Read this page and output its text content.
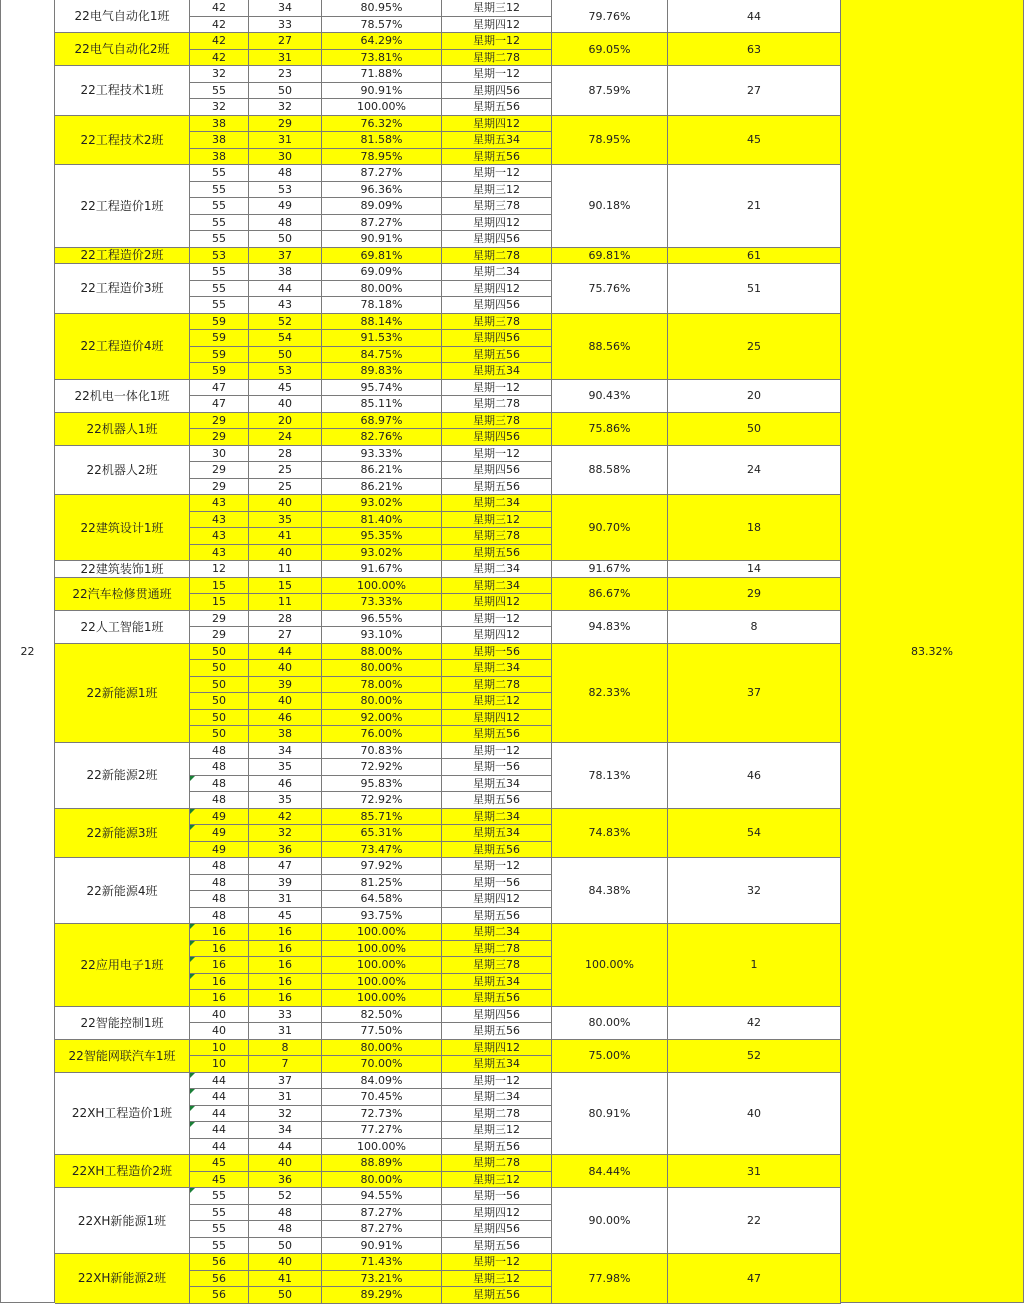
22	83.32%
22电气自动化1班
42	34	80.95%	星期三12
42	33	78.57%	星期四12
79.76%	44
22电气自动化2班
42	27	64.29%	星期一12
42	31	73.81%	星期二78
69.05%	63
22工程技术1班
32	23	71.88%	星期一12
55	50	90.91%	星期四56
32	32	100.00%	星期五56
87.59%	27
22工程技术2班
38	29	76.32%	星期四12
38	31	81.58%	星期五34
38	30	78.95%	星期五56
78.95%	45
22工程造价1班
55	48	87.27%	星期一12
55	53	96.36%	星期三12
55	49	89.09%	星期三78
55	48	87.27%	星期四12
55	50	90.91%	星期四56
90.18%	21
22工程造价2班	53	37	69.81%	星期二78	69.81%	61
22工程造价3班
55	38	69.09%	星期二34
55	44	80.00%	星期四12
55	43	78.18%	星期四56
75.76%	51
22工程造价4班
59	52	88.14%	星期三78
59	54	91.53%	星期四56
59	50	84.75%	星期五56
59	53	89.83%	星期五34
88.56%	25
22机电一体化1班
47	45	95.74%	星期一12
47	40	85.11%	星期二78
90.43%	20
22机器人1班
29	20	68.97%	星期三78
29	24	82.76%	星期四56
75.86%	50
22机器人2班
30	28	93.33%	星期一12
29	25	86.21%	星期四56
29	25	86.21%	星期五56
88.58%	24
22建筑设计1班
43	40	93.02%	星期二34
43	35	81.40%	星期三12
43	41	95.35%	星期三78
43	40	93.02%	星期五56
90.70%	18
22建筑装饰1班	12	11	91.67%	星期二34	91.67%	14
22汽车检修贯通班
15	15	100.00%	星期二34
15	11	73.33%	星期四12
86.67%	29
22人工智能1班
29	28	96.55%	星期一12
29	27	93.10%	星期四12
94.83%	8
22新能源1班
50	44	88.00%	星期一56
50	40	80.00%	星期二34
50	39	78.00%	星期二78
50	40	80.00%	星期三12
50	46	92.00%	星期四12
50	38	76.00%	星期五56
82.33%	37
22新能源2班
48	34	70.83%	星期一12
48	35	72.92%	星期一56
48	46	95.83%	星期五34
48	35	72.92%	星期五56
78.13%	46
22新能源3班
49	42	85.71%	星期二34
49	32	65.31%	星期五34
49	36	73.47%	星期五56
74.83%	54
22新能源4班
48	47	97.92%	星期一12
48	39	81.25%	星期一56
48	31	64.58%	星期四12
48	45	93.75%	星期五56
84.38%	32
22应用电子1班
16	16	100.00%	星期二34
16	16	100.00%	星期二78
16	16	100.00%	星期三78
16	16	100.00%	星期五34
16	16	100.00%	星期五56
100.00%	1
22智能控制1班
40	33	82.50%	星期四56
40	31	77.50%	星期五56
80.00%	42
22智能网联汽车1班
10	8	80.00%	星期四12
10	7	70.00%	星期五34
75.00%	52
22XH工程造价1班
44	37	84.09%	星期一12
44	31	70.45%	星期二34
44	32	72.73%	星期二78
44	34	77.27%	星期三12
44	44	100.00%	星期五56
80.91%	40
22XH工程造价2班
45	40	88.89%	星期二78
45	36	80.00%	星期三12
84.44%	31
22XH新能源1班
55	52	94.55%	星期一56
55	48	87.27%	星期四12
55	48	87.27%	星期四56
55	50	90.91%	星期五56
90.00%	22
22XH新能源2班
56	40	71.43%	星期一12
56	41	73.21%	星期三12
56	50	89.29%	星期五56
77.98%	47
